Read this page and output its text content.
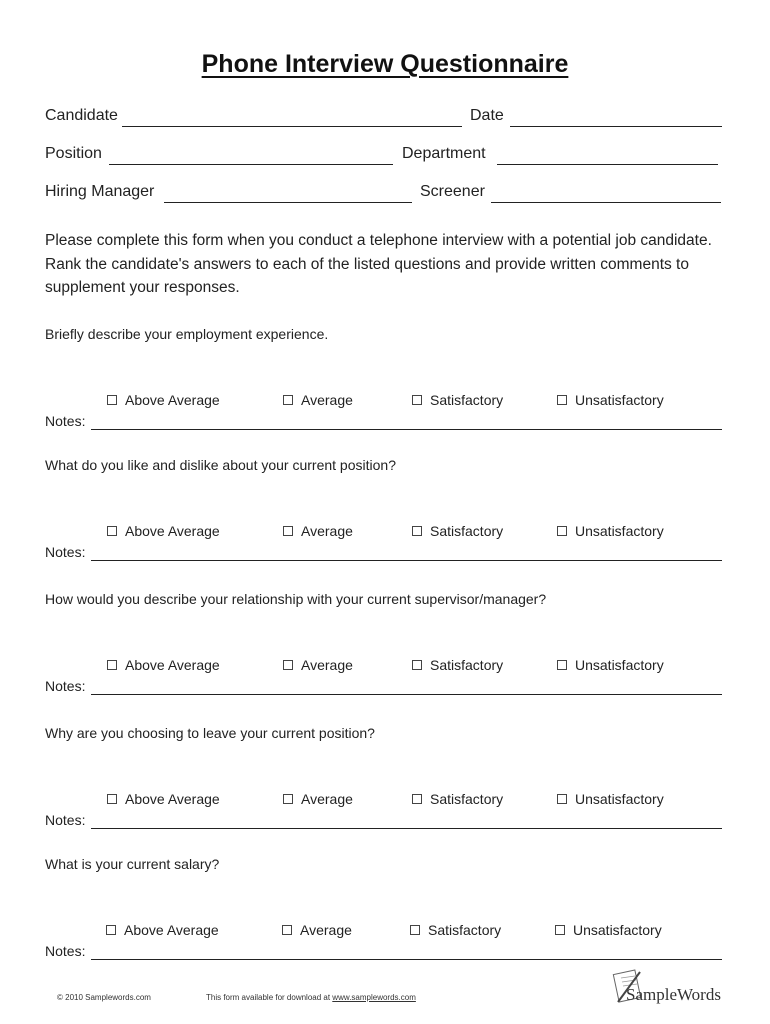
Phone Interview Questionnaire
Candidate	Date
Position	Department
Hiring Manager	Screener
Please complete this form when you conduct a telephone interview with a potential job candidate. Rank the candidate's answers to each of the listed questions and provide written comments to supplement your responses.
Briefly describe your employment experience.
Above Average	Average	Satisfactory	Unsatisfactory
Notes:
What do you like and dislike about your current position?
Above Average	Average	Satisfactory	Unsatisfactory
Notes:
How would you describe your relationship with your current supervisor/manager?
Above Average	Average	Satisfactory	Unsatisfactory
Notes:
Why are you choosing to leave your current position?
Above Average	Average	Satisfactory	Unsatisfactory
Notes:
What is your current salary?
Above Average	Average	Satisfactory	Unsatisfactory
Notes:
© 2010 Samplewords.com	This form available for download at www.samplewords.com	SampleWords
